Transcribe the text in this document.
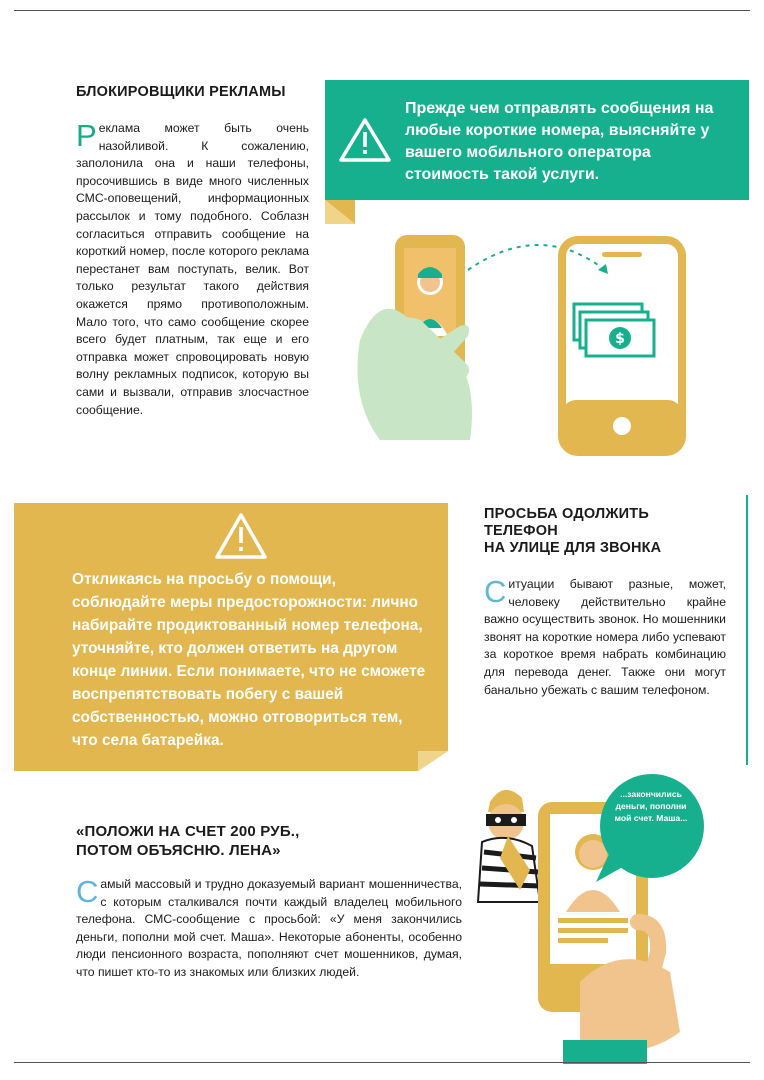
БЛОКИРОВЩИКИ РЕКЛАМЫ

Реклама может быть очень назойливой. К сожалению, заполонила она и наши телефоны, просочившись в виде много численных СМС-оповещений, информационных рассылок и тому подобного. Соблазн согласиться отправить сообщение на короткий номер, после которого реклама перестанет вам поступать, велик. Вот только результат такого действия окажется прямо противоположным. Мало того, что само сообщение скорее всего будет платным, так еще и его отправка может спровоцировать новую волну рекламных подписок, которую вы сами и вызвали, отправив злосчастное сообщение.

Прежде чем отправлять сообщения на любые короткие номера, выясняйте у вашего мобильного оператора стоимость такой услуги.

$

Откликаясь на просьбу о помощи, соблюдайте меры предосторожности: лично набирайте продиктованный номер телефона, уточняйте, кто должен ответить на другом конце линии. Если понимаете, что не сможете воспрепятствовать побегу с вашей собственностью, можно отговориться тем, что села батарейка.

ПРОСЬБА ОДОЛЖИТЬ
ТЕЛЕФОН
НА УЛИЦЕ ДЛЯ ЗВОНКА

Ситуации бывают разные, может, человеку действительно крайне важно осуществить звонок. Но мошенники звонят на короткие номера либо успевают за короткое время набрать комбинацию для перевода денег. Также они могут банально убежать с вашим телефоном.

«ПОЛОЖИ НА СЧЕТ 200 РУБ.,
ПОТОМ ОБЪЯСНЮ. ЛЕНА»

Самый массовый и трудно доказуемый вариант мошенничества, с которым сталкивался почти каждый владелец мобильного телефона. СМС-сообщение с просьбой: «У меня закончились деньги, пополни мой счет. Маша». Некоторые абоненты, особенно люди пенсионного возраста, пополняют счет мошенников, думая, что пишет кто-то из знакомых или близких людей.

...закончились деньги, пополни мой счет. Маша...
